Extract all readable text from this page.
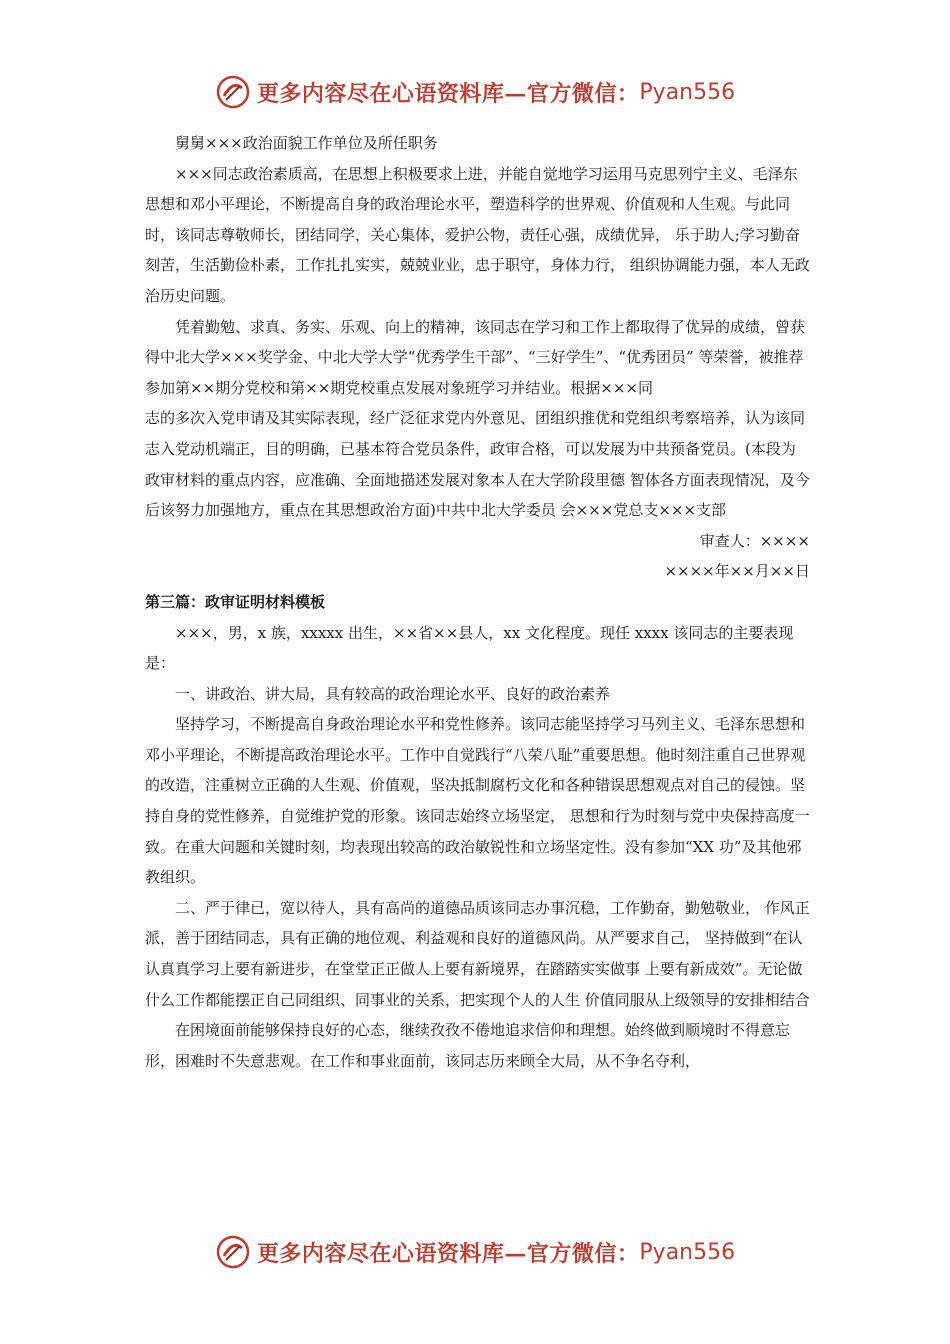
更多内容尽在心语资料库—官方微信： Pyan556

舅舅×××政治面貌工作单位及所任职务

×××同志政治素质高，在思想上积极要求上进，并能自觉地学习运用马克思列宁主义、毛泽东思想和邓小平理论，不断提高自身的政治理论水平，塑造科学的世界观、价值观和人生观。与此同时，该同志尊敬师长，团结同学，关心集体，爱护公物，责任心强，成绩优异， 乐于助人;学习勤奋刻苦，生活勤俭朴素，工作扎扎实实，兢兢业业，忠于职守，身体力行， 组织协调能力强，本人无政治历史问题。

凭着勤勉、求真、务实、乐观、向上的精神，该同志在学习和工作上都取得了优异的成绩，曾获得中北大学×××奖学金、中北大学大学“优秀学生干部”、“三好学生”、“优秀团员” 等荣誉，被推荐参加第××期分党校和第××期党校重点发展对象班学习并结业。根据×××同

志的多次入党申请及其实际表现，经广泛征求党内外意见、团组织推优和党组织考察培养，认为该同志入党动机端正，目的明确，已基本符合党员条件，政审合格，可以发展为中共预备党员。(本段为政审材料的重点内容，应准确、全面地描述发展对象本人在大学阶段里德 智体各方面表现情况，及今后该努力加强地方，重点在其思想政治方面)中共中北大学委员 会×××党总支×××支部

审查人：××××

××××年××月××日

第三篇：政审证明材料模板

×××，男，x 族，xxxxx 出生，××省××县人，xx 文化程度。现任 xxxx 该同志的主要表现是：

一、讲政治、讲大局，具有较高的政治理论水平、良好的政治素养

坚持学习，不断提高自身政治理论水平和党性修养。该同志能坚持学习马列主义、毛泽东思想和邓小平理论，不断提高政治理论水平。工作中自觉践行“八荣八耻”重要思想。他时刻注重自己世界观的改造，注重树立正确的人生观、价值观，坚决抵制腐朽文化和各种错误思想观点对自己的侵蚀。坚持自身的党性修养，自觉维护党的形象。该同志始终立场坚定， 思想和行为时刻与党中央保持高度一致。在重大问题和关键时刻，均表现出较高的政治敏锐性和立场坚定性。没有参加“XX 功”及其他邪教组织。

二、严于律已，宽以待人，具有高尚的道德品质该同志办事沉稳，工作勤奋，勤勉敬业， 作风正派，善于团结同志，具有正确的地位观、利益观和良好的道德风尚。从严要求自己， 坚持做到“在认认真真学习上要有新进步，在堂堂正正做人上要有新境界，在踏踏实实做事 上要有新成效”。无论做什么工作都能摆正自己同组织、同事业的关系，把实现个人的人生 价值同服从上级领导的安排相结合

在困境面前能够保持良好的心态，继续孜孜不倦地追求信仰和理想。始终做到顺境时不得意忘形，困难时不失意悲观。在工作和事业面前，该同志历来顾全大局，从不争名夺利，

更多内容尽在心语资料库—官方微信： Pyan556
